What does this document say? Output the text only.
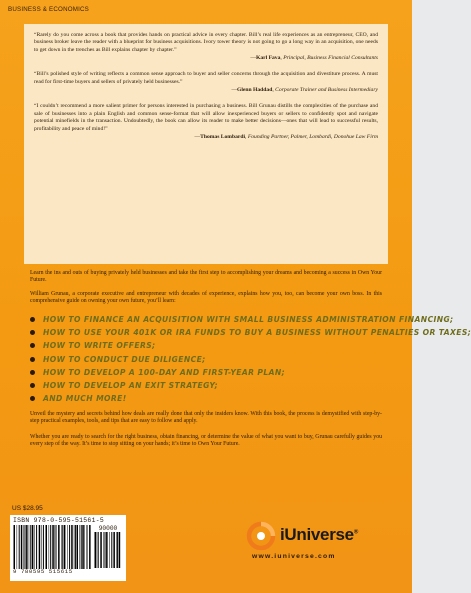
BUSINESS & ECONOMICS

“Rarely do you come across a book that provides hands on practical advice in every chapter. Bill’s real life experiences as an entrepreneur, CEO, and business broker leave the reader with a blueprint for business acquisitions. Ivory tower theory is not going to go a long way in an acquisition, one needs to get down in the trenches as Bill explains chapter by chapter.”

—Karl Fava, Principal, Business Financial Consultants

“Bill’s polished style of writing reflects a common sense approach to buyer and seller concerns through the acquisition and divestiture process. A must read for first-time buyers and sellers of privately held businesses.”

—Glenn Haddad, Corporate Trainer and Business Intermediary

“I couldn’t recommend a more salient primer for persons interested in purchasing a business. Bill Grunau distills the complexities of the purchase and sale of businesses into a plain English and common sense-format that will allow inexperienced buyers or sellers to confidently spot and navigate potential minefields in the transaction. Undoubtedly, the book can allow its reader to make better decisions—ones that will lead to successful results, profitability and peace of mind!”

—Thomas Lombardi, Founding Partner, Palmer, Lombardi, Donohue Law Firm

Learn the ins and outs of buying privately held businesses and take the first step to accomplishing your dreams and becoming a success in Own Your Future.

William Grunau, a corporate executive and entrepreneur with decades of experience, explains how you, too, can become your own boss. In this comprehensive guide on owning your own future, you’ll learn:

HOW TO FINANCE AN ACQUISITION WITH SMALL BUSINESS ADMINISTRATION FINANCING;
HOW TO USE YOUR 401K OR IRA FUNDS TO BUY A BUSINESS WITHOUT PENALTIES OR TAXES;
HOW TO WRITE OFFERS;
HOW TO CONDUCT DUE DILIGENCE;
HOW TO DEVELOP A 100-DAY AND FIRST-YEAR PLAN;
HOW TO DEVELOP AN EXIT STRATEGY;
AND MUCH MORE!

Unveil the mystery and secrets behind how deals are really done that only the insiders know. With this book, the process is demystified with step-by-step practical examples, tools, and tips that are easy to follow and apply.

Whether you are ready to search for the right business, obtain financing, or determine the value of what you want to buy, Grunau carefully guides you every step of the way. It’s time to stop sitting on your hands; it’s time to Own Your Future.

US $28.95
ISBN 978-0-595-51561-5
90000
9 780595 515615
iUniverse®
www.iuniverse.com
